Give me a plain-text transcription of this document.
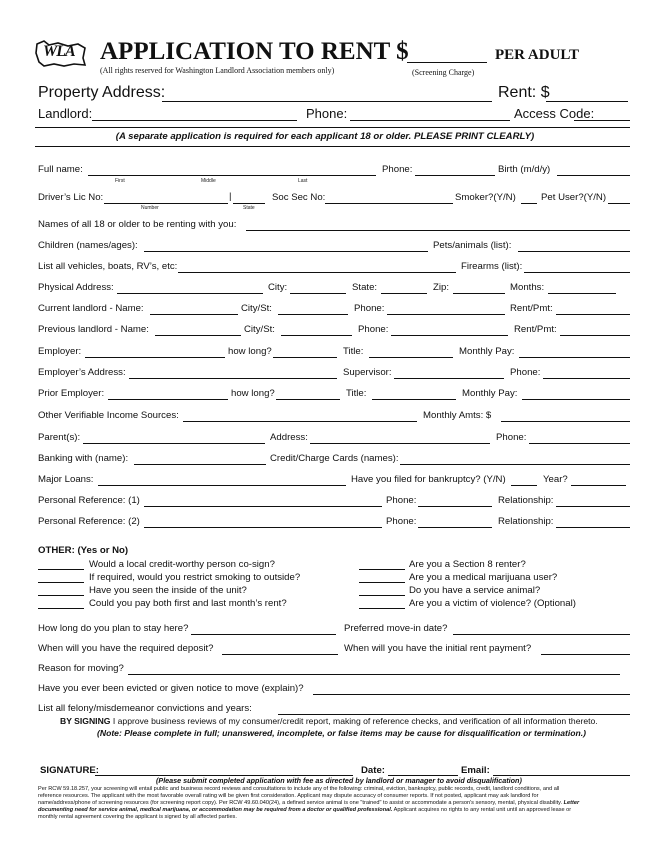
WLA APPLICATION TO RENT $	PER ADULT
(All rights reserved for Washington Landlord Association members only)	(Screening Charge)
Property Address:	Rent: $
Landlord:	Phone:	Access Code:
(A separate application is required for each applicant 18 or older. PLEASE PRINT CLEARLY)
Full name:
First	Middle	Last
Phone:	Birth (m/d/y)
Driver’s Lic No:	|
Number	State
Soc Sec No:	Smoker?(Y/N)	Pet User?(Y/N)
Names of all 18 or older to be renting with you:
Children (names/ages):	Pets/animals (list):
List all vehicles, boats, RV’s, etc:	Firearms (list):
Physical Address:	City:	State:	Zip:	Months:
Current landlord - Name:	City/St:	Phone:	Rent/Pmt:
Previous landlord - Name:	City/St:	Phone:	Rent/Pmt:
Employer:	how long?	Title:	Monthly Pay:
Employer’s Address:	Supervisor:	Phone:
Prior Employer:	how long?	Title:	Monthly Pay:
Other Verifiable Income Sources:	Monthly Amts: $
Parent(s):	Address:	Phone:
Banking with (name):	Credit/Charge Cards (names):
Major Loans:	Have you filed for bankruptcy? (Y/N)	Year?
Personal Reference: (1)	Phone:	Relationship:
Personal Reference: (2)	Phone:	Relationship:
OTHER: (Yes or No)
Would a local credit-worthy person co-sign?
If required, would you restrict smoking to outside?
Have you seen the inside of the unit?
Could you pay both first and last month’s rent?
Are you a Section 8 renter?
Are you a medical marijuana user?
Do you have a service animal?
Are you a victim of violence? (Optional)
How long do you plan to stay here?	Preferred move-in date?
When will you have the required deposit?	When will you have the initial rent payment?
Reason for moving?
Have you ever been evicted or given notice to move (explain)?
List all felony/misdemeanor convictions and years:
BY SIGNING I approve business reviews of my consumer/credit report, making of reference checks, and verification of all information thereto.
(Note: Please complete in full; unanswered, incomplete, or false items may be cause for disqualification or termination.)
SIGNATURE:	Date:	Email:
(Please submit completed application with fee as directed by landlord or manager to avoid disqualification)
Per RCW 59.18.257, your screening will entail public and business record reviews and consultations to include any of the following: criminal, eviction, bankruptcy, public records, credit, landlord conditions, and all
reference resources. The applicant with the most favorable overall rating will be given first consideration. Applicant may dispute accuracy of consumer reports. If not posted, applicant may ask landlord for
name/address/phone of screening resources (for screening report copy). Per RCW 49.60.040(24), a defined service animal is one "trained" to assist or accommodate a person's sensory, mental, physical disability. Letter
documenting need for service animal, medical marijuana, or accommodation may be required from a doctor or qualified professional. Applicant acquires no rights to any rental unit until an approved lease or
monthly rental agreement covering the applicant is signed by all affected parties.
